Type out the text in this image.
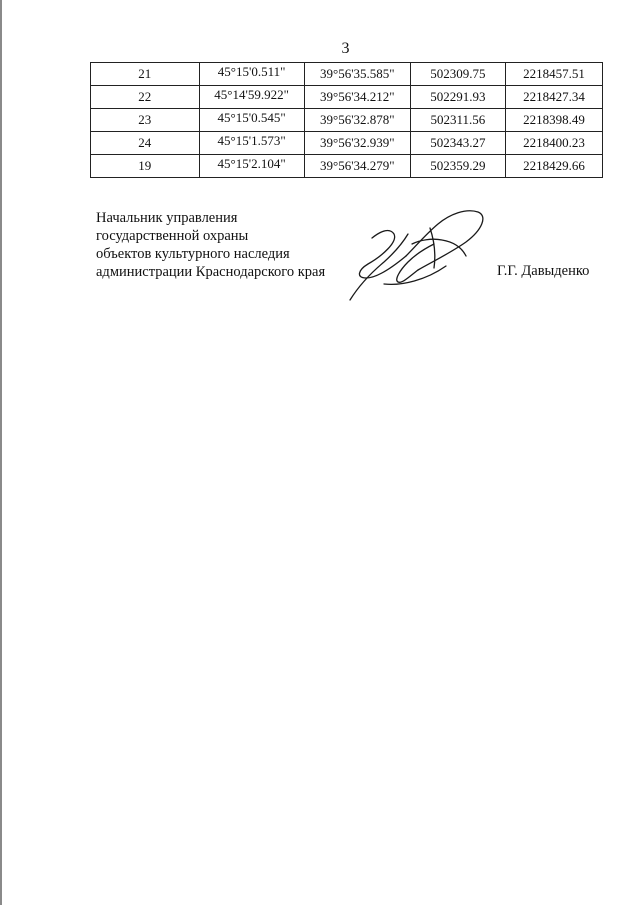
3
21	45°15'0.511"	39°56'35.585"	502309.75	2218457.51
22	45°14'59.922"	39°56'34.212"	502291.93	2218427.34
23	45°15'0.545"	39°56'32.878"	502311.56	2218398.49
24	45°15'1.573"	39°56'32.939"	502343.27	2218400.23
19	45°15'2.104"	39°56'34.279"	502359.29	2218429.66
Начальник управления
государственной охраны
объектов культурного наследия
администрации Краснодарского края	Г.Г. Давыденко
